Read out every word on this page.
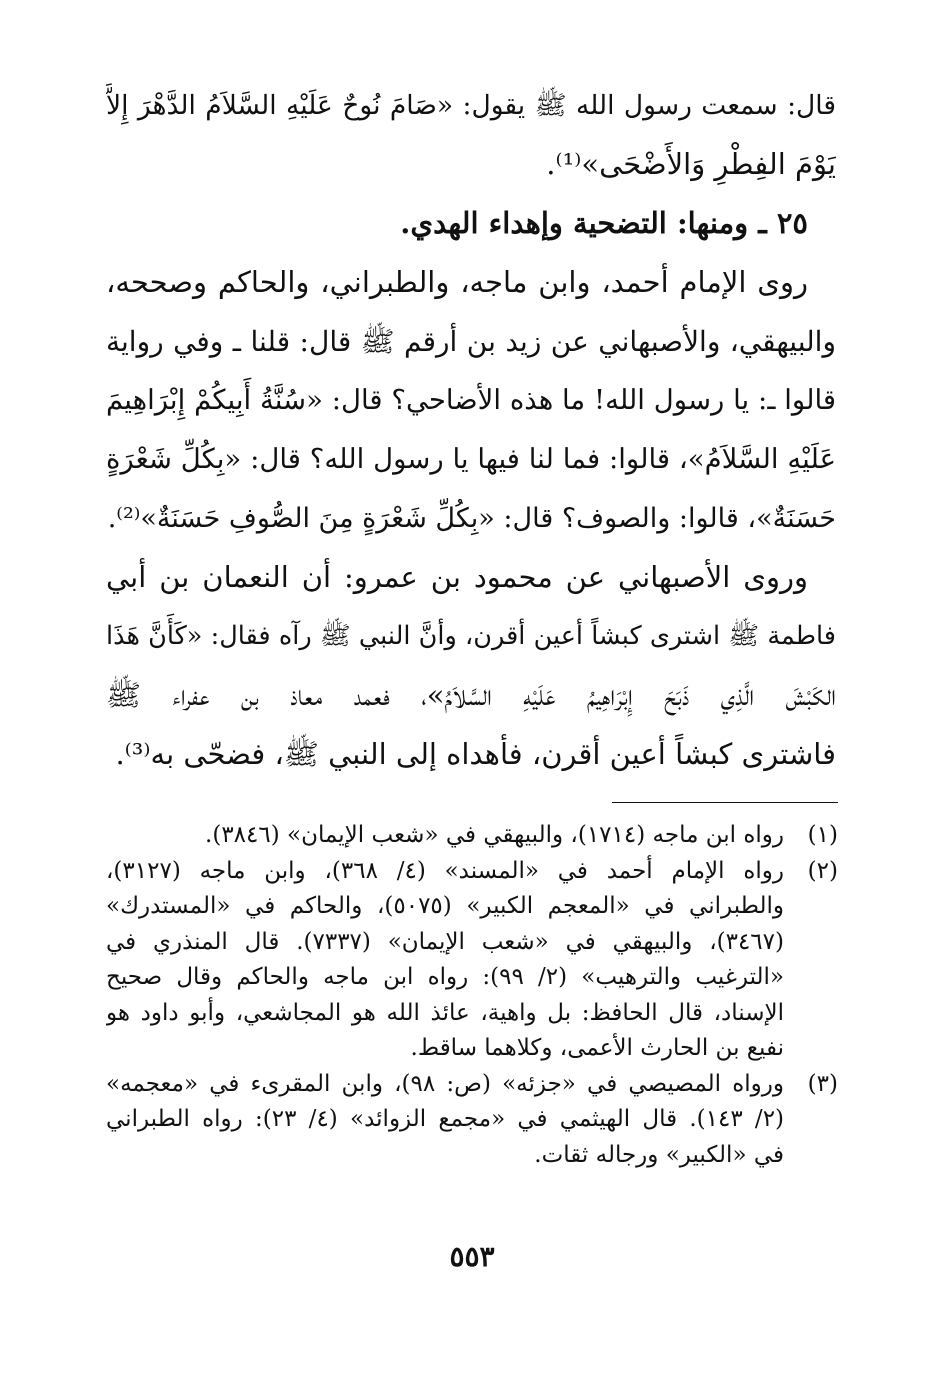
قال: سمعت رسول الله ﷺ يقول: «صَامَ نُوحٌ عَلَيْهِ السَّلاَمُ الدَّهْرَ إِلاَّ
يَوْمَ الفِطْرِ وَالأَضْحَى»⁽¹⁾.
٢٥ ـ ومنها: التضحية وإهداء الهدي.
روى الإمام أحمد، وابن ماجه، والطبراني، والحاكم وصححه،
والبيهقي، والأصبهاني عن زيد بن أرقم ﷺ قال: قلنا ـ وفي رواية
قالوا ـ: يا رسول الله! ما هذه الأضاحي؟ قال: «سُنَّةُ أَبِيكُمْ إِبْرَاهِيمَ
عَلَيْهِ السَّلاَمُ»، قالوا: فما لنا فيها يا رسول الله؟ قال: «بِكُلِّ شَعْرَةٍ
حَسَنَةٌ»، قالوا: والصوف؟ قال: «بِكُلِّ شَعْرَةٍ مِنَ الصُّوفِ حَسَنَةٌ»⁽²⁾.
وروى الأصبهاني عن محمود بن عمرو: أن النعمان بن أبي
فاطمة ﷺ اشترى كبشاً أعين أقرن، وأنَّ النبي ﷺ رآه فقال: «كَأَنَّ هَذَا
الكَبْشَ الَّذِي ذَبَحَ إِبْرَاهِيمُ عَلَيْهِ السَّلاَمُ»، فعمد معاذ بن عفراء ﷺ
فاشترى كبشاً أعين أقرن، فأهداه إلى النبي ﷺ، فضحّى به⁽³⁾.
(١)
رواه ابن ماجه (١٧١٤)، والبيهقي في «شعب الإيمان» (٣٨٤٦).
(٢)
رواه الإمام أحمد في «المسند» (٤/ ٣٦٨)، وابن ماجه (٣١٢٧)،
والطبراني في «المعجم الكبير» (٥٠٧٥)، والحاكم في «المستدرك»
(٣٤٦٧)، والبيهقي في «شعب الإيمان» (٧٣٣٧). قال المنذري في
«الترغيب والترهيب» (٢/ ٩٩): رواه ابن ماجه والحاكم وقال صحيح
الإسناد، قال الحافظ: بل واهية، عائذ الله هو المجاشعي، وأبو داود هو
نفيع بن الحارث الأعمى، وكلاهما ساقط.
(٣)
ورواه المصيصي في «جزئه» (ص: ٩٨)، وابن المقرىء في «معجمه»
(٢/ ١٤٣). قال الهيثمي في «مجمع الزوائد» (٤/ ٢٣): رواه الطبراني
في «الكبير» ورجاله ثقات.
٥٥٣
